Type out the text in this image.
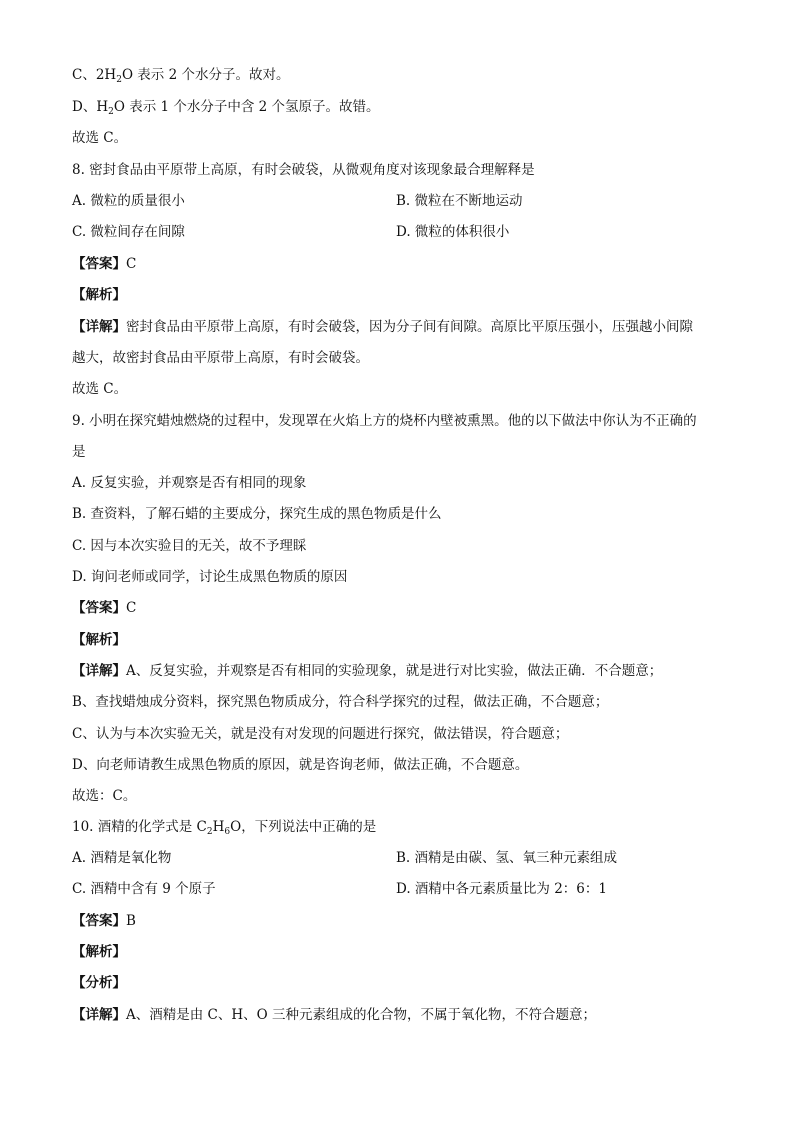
C、$2H_2O$ 表示 2 个水分子。故对。
D、$H_2O$ 表示 1 个水分子中含 2 个氢原子。故错。
故选 C。
8. 密封食品由平原带上高原，有时会破袋，从微观角度对该现象最合理解释是
A. 微粒的质量很小	B. 微粒在不断地运动
C. 微粒间存在间隙	D. 微粒的体积很小
【答案】C
【解析】
【详解】密封食品由平原带上高原，有时会破袋，因为分子间有间隙。高原比平原压强小，压强越小间隙
越大，故密封食品由平原带上高原，有时会破袋。
故选 C。
9. 小明在探究蜡烛燃烧的过程中，发现罩在火焰上方的烧杯内壁被熏黑。他的以下做法中你认为不正确的
是
A. 反复实验，并观察是否有相同的现象
B. 查资料，了解石蜡的主要成分，探究生成的黑色物质是什么
C. 因与本次实验目的无关，故不予理睬
D. 询问老师或同学，讨论生成黑色物质的原因
【答案】C
【解析】
【详解】A、反复实验，并观察是否有相同的实验现象，就是进行对比实验，做法正确．不合题意；
B、查找蜡烛成分资料，探究黑色物质成分，符合科学探究的过程，做法正确，不合题意；
C、认为与本次实验无关，就是没有对发现的问题进行探究，做法错误，符合题意；
D、向老师请教生成黑色物质的原因，就是咨询老师，做法正确，不合题意。
故选：C。
10. 酒精的化学式是 $C_2H_6O$，下列说法中正确的是
A. 酒精是氧化物	B. 酒精是由碳、氢、氧三种元素组成
C. 酒精中含有 9 个原子	D. 酒精中各元素质量比为 2：6：1
【答案】B
【解析】
【分析】
【详解】A、酒精是由 C、H、O 三种元素组成的化合物，不属于氧化物，不符合题意；
